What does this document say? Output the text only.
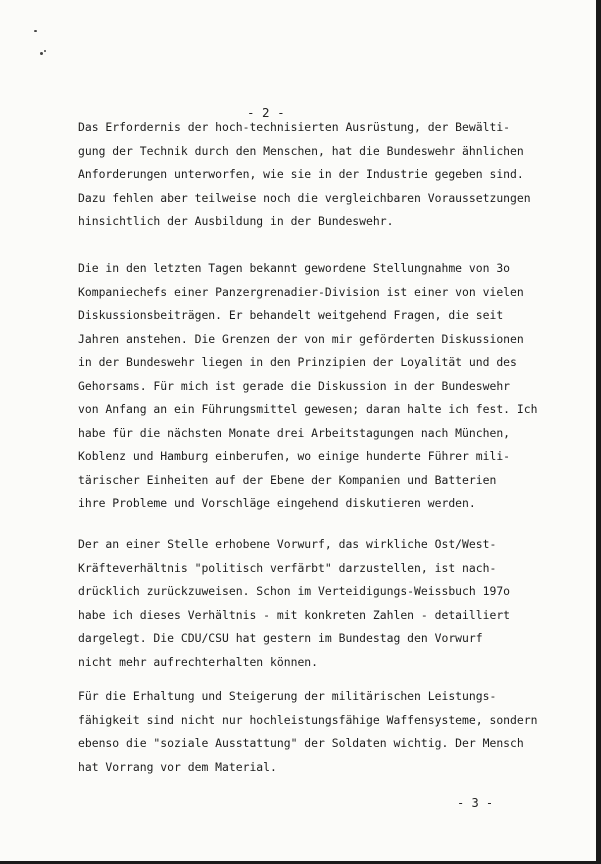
- 2 -
Das Erfordernis der hoch-technisierten Ausrüstung, der Bewälti-
gung der Technik durch den Menschen, hat die Bundeswehr ähnlichen
Anforderungen unterworfen, wie sie in der Industrie gegeben sind.
Dazu fehlen aber teilweise noch die vergleichbaren Voraussetzungen
hinsichtlich der Ausbildung in der Bundeswehr.
Die in den letzten Tagen bekannt gewordene Stellungnahme von 3o
Kompaniechefs einer Panzergrenadier-Division ist einer von vielen
Diskussionsbeiträgen. Er behandelt weitgehend Fragen, die seit
Jahren anstehen. Die Grenzen der von mir geförderten Diskussionen
in der Bundeswehr liegen in den Prinzipien der Loyalität und des
Gehorsams. Für mich ist gerade die Diskussion in der Bundeswehr
von Anfang an ein Führungsmittel gewesen; daran halte ich fest. Ich
habe für die nächsten Monate drei Arbeitstagungen nach München,
Koblenz und Hamburg einberufen, wo einige hunderte Führer mili-
tärischer Einheiten auf der Ebene der Kompanien und Batterien
ihre Probleme und Vorschläge eingehend diskutieren werden.
Der an einer Stelle erhobene Vorwurf, das wirkliche Ost/West-
Kräfteverhältnis "politisch verfärbt" darzustellen, ist nach-
drücklich zurückzuweisen. Schon im Verteidigungs-Weissbuch 197o
habe ich dieses Verhältnis - mit konkreten Zahlen - detailliert
dargelegt. Die CDU/CSU hat gestern im Bundestag den Vorwurf
nicht mehr aufrechterhalten können.
Für die Erhaltung und Steigerung der militärischen Leistungs-
fähigkeit sind nicht nur hochleistungsfähige Waffensysteme, sondern
ebenso die "soziale Ausstattung" der Soldaten wichtig. Der Mensch
hat Vorrang vor dem Material.
- 3 -
